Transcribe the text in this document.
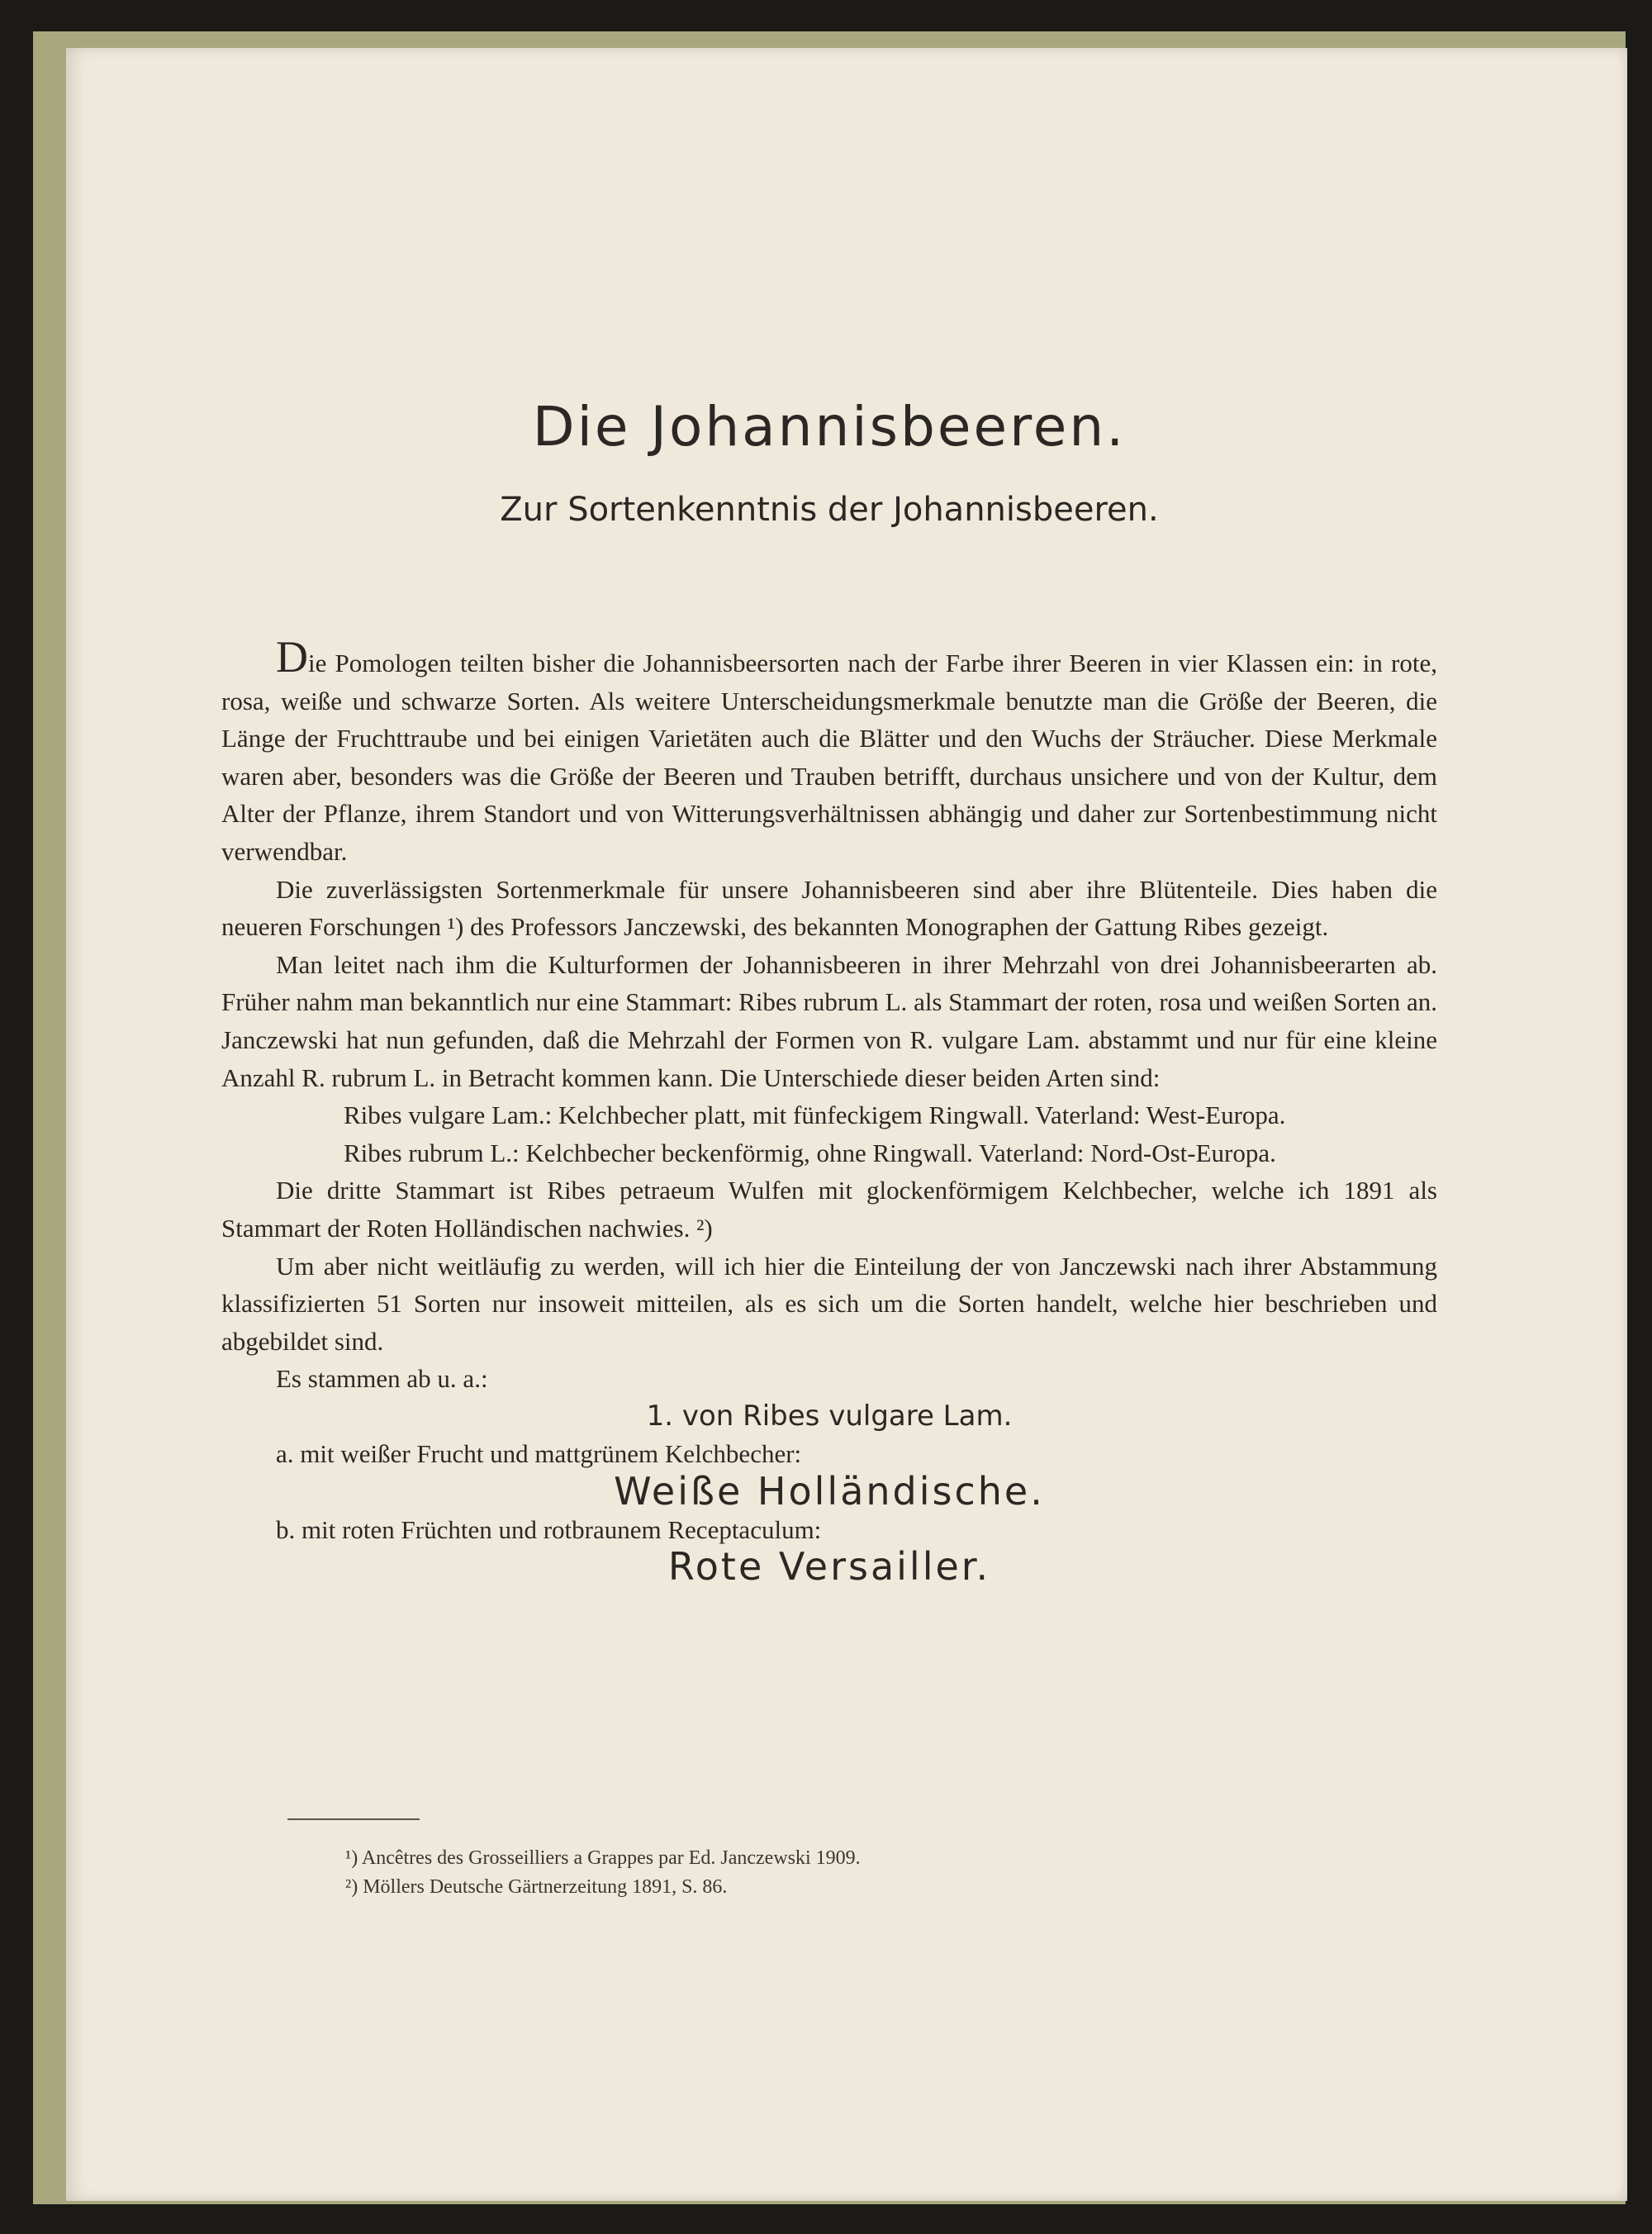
Die Johannisbeeren.
Zur Sortenkenntnis der Johannisbeeren.

Die Pomologen teilten bisher die Johannisbeersorten nach der Farbe ihrer Beeren in vier Klassen ein: in rote, rosa, weiße und schwarze Sorten. Als weitere Unterscheidungsmerkmale benutzte man die Größe der Beeren, die Länge der Fruchttraube und bei einigen Varietäten auch die Blätter und den Wuchs der Sträucher. Diese Merkmale waren aber, besonders was die Größe der Beeren und Trauben betrifft, durchaus unsichere und von der Kultur, dem Alter der Pflanze, ihrem Standort und von Witterungsverhältnissen abhängig und daher zur Sortenbestimmung nicht verwendbar.

Die zuverlässigsten Sortenmerkmale für unsere Johannisbeeren sind aber ihre Blütenteile. Dies haben die neueren Forschungen ¹) des Professors Janczewski, des bekannten Monographen der Gattung Ribes gezeigt.

Man leitet nach ihm die Kulturformen der Johannisbeeren in ihrer Mehrzahl von drei Johannisbeerarten ab. Früher nahm man bekanntlich nur eine Stammart: Ribes rubrum L. als Stammart der roten, rosa und weißen Sorten an. Janczewski hat nun gefunden, daß die Mehrzahl der Formen von R. vulgare Lam. abstammt und nur für eine kleine Anzahl R. rubrum L. in Betracht kommen kann. Die Unterschiede dieser beiden Arten sind:

Ribes vulgare Lam.: Kelchbecher platt, mit fünfeckigem Ringwall. Vaterland: West-Europa.

Ribes rubrum L.: Kelchbecher beckenförmig, ohne Ringwall. Vaterland: Nord-Ost-Europa.

Die dritte Stammart ist Ribes petraeum Wulfen mit glockenförmigem Kelchbecher, welche ich 1891 als Stammart der Roten Holländischen nachwies. ²)

Um aber nicht weitläufig zu werden, will ich hier die Einteilung der von Janczewski nach ihrer Abstammung klassifizierten 51 Sorten nur insoweit mitteilen, als es sich um die Sorten handelt, welche hier beschrieben und abgebildet sind.

Es stammen ab u. a.:

1. von Ribes vulgare Lam.

a. mit weißer Frucht und mattgrünem Kelchbecher:

Weiße Holländische.

b. mit roten Früchten und rotbraunem Receptaculum:

Rote Versailler.

¹) Ancêtres des Grosseilliers a Grappes par Ed. Janczewski 1909.

²) Möllers Deutsche Gärtnerzeitung 1891, S. 86.
